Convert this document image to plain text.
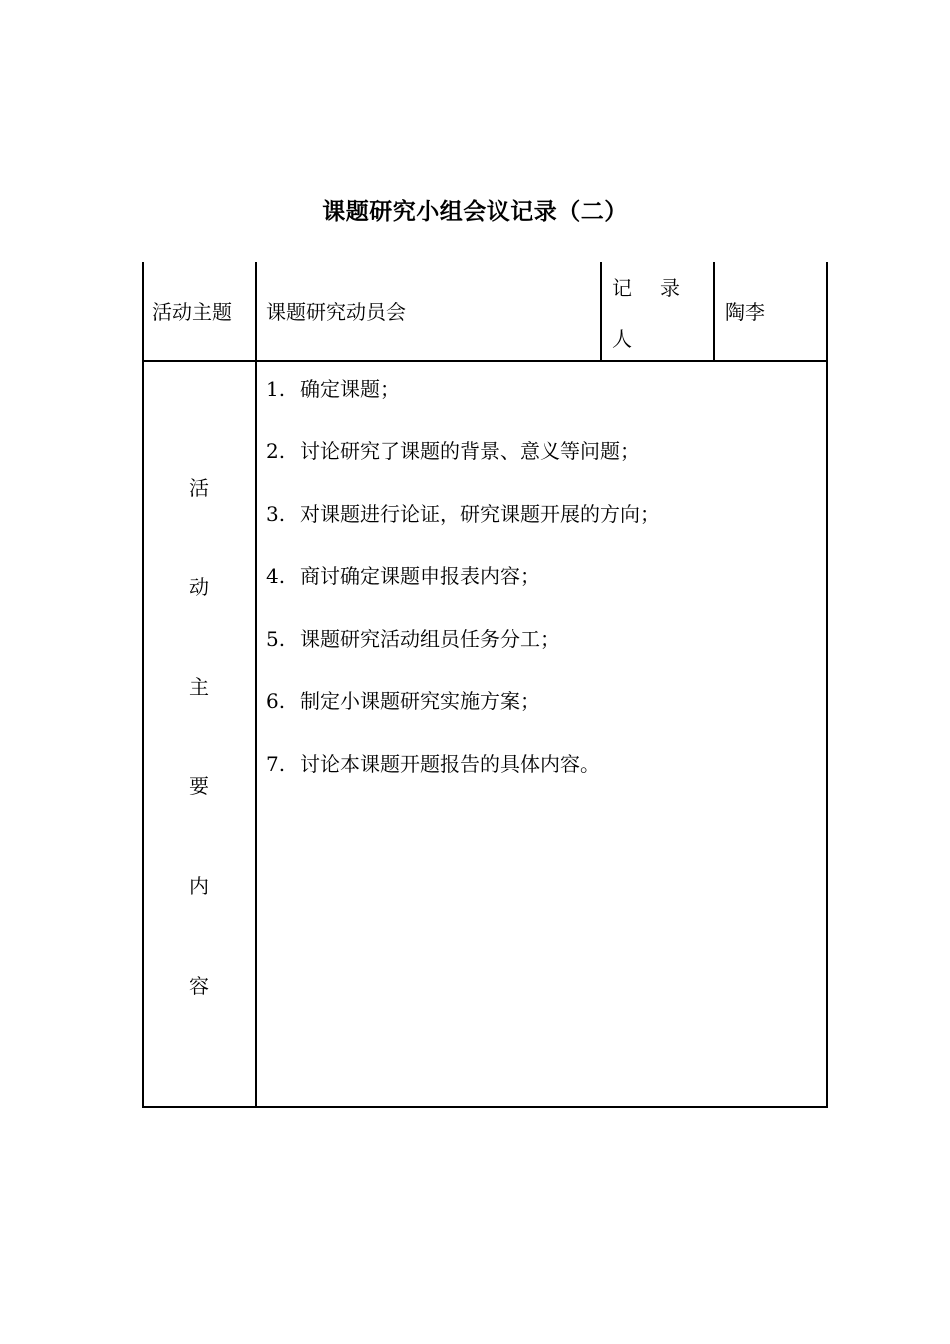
课题研究小组会议记录（二）
活动主题 课题研究动员会
记 录
人
陶李
活
动
主
要
内
容
1. 确定课题；
2. 讨论研究了课题的背景、意义等问题；
3. 对课题进行论证，研究课题开展的方向；
4. 商讨确定课题申报表内容；
5. 课题研究活动组员任务分工；
6. 制定小课题研究实施方案；
7. 讨论本课题开题报告的具体内容。
